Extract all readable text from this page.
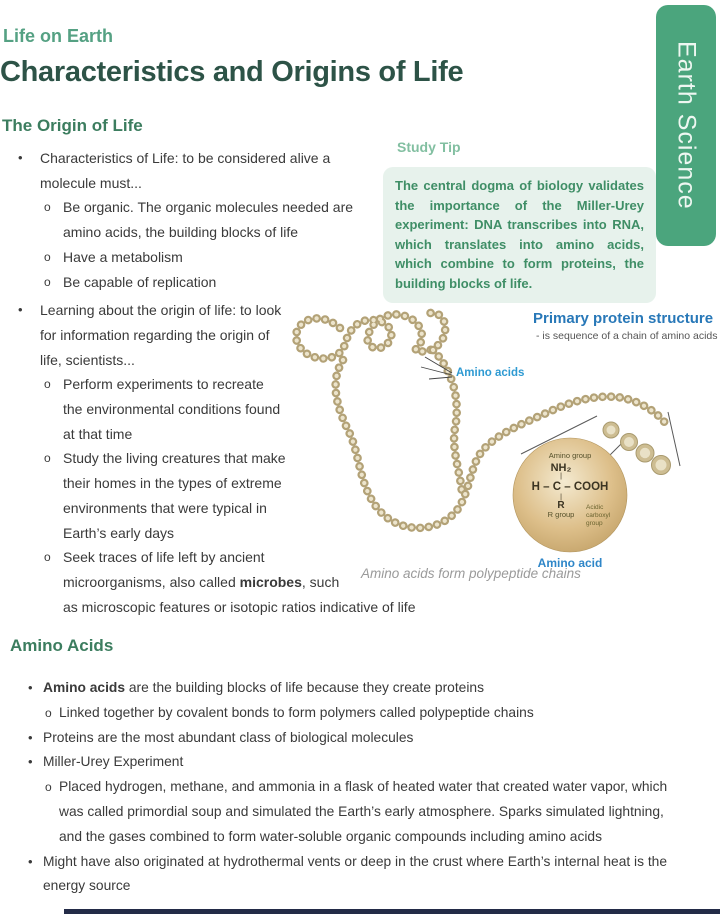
Earth Science
Life on Earth
Characteristics and Origins of Life
The Origin of Life
Study Tip
The central dogma of biology validates the importance of the Miller-Urey experiment: DNA transcribes into RNA, which translates into amino acids, which combine to form proteins, the building blocks of life.
• Characteristics of Life: to be considered alive a molecule must...
o Be organic. The organic molecules needed are amino acids, the building blocks of life
o Have a metabolism
o Be capable of replication
• Learning about the origin of life: to look for information regarding the origin of life, scientists...
o Perform experiments to recreate the environmental conditions found at that time
o Study the living creatures that make their homes in the types of extreme environments that were typical in Earth’s early days
o Seek traces of life left by ancient
microorganisms, also called microbes, such
as microscopic features or isotopic ratios indicative of life
Primary protein structure
- is sequence of a chain of amino acids
Amino acids
Amino group
NH₂
|
H – C – COOH
|
R
R group
Acidic
carboxyl
group
Amino acid
Amino acids form polypeptide chains
Amino Acids
• Amino acids are the building blocks of life because they create proteins
o Linked together by covalent bonds to form polymers called polypeptide chains
• Proteins are the most abundant class of biological molecules
• Miller-Urey Experiment
o Placed hydrogen, methane, and ammonia in a flask of heated water that created water vapor, which was called primordial soup and simulated the Earth’s early atmosphere. Sparks simulated lightning, and the gases combined to form water-soluble organic compounds including amino acids
• Might have also originated at hydrothermal vents or deep in the crust where Earth’s internal heat is the energy source
